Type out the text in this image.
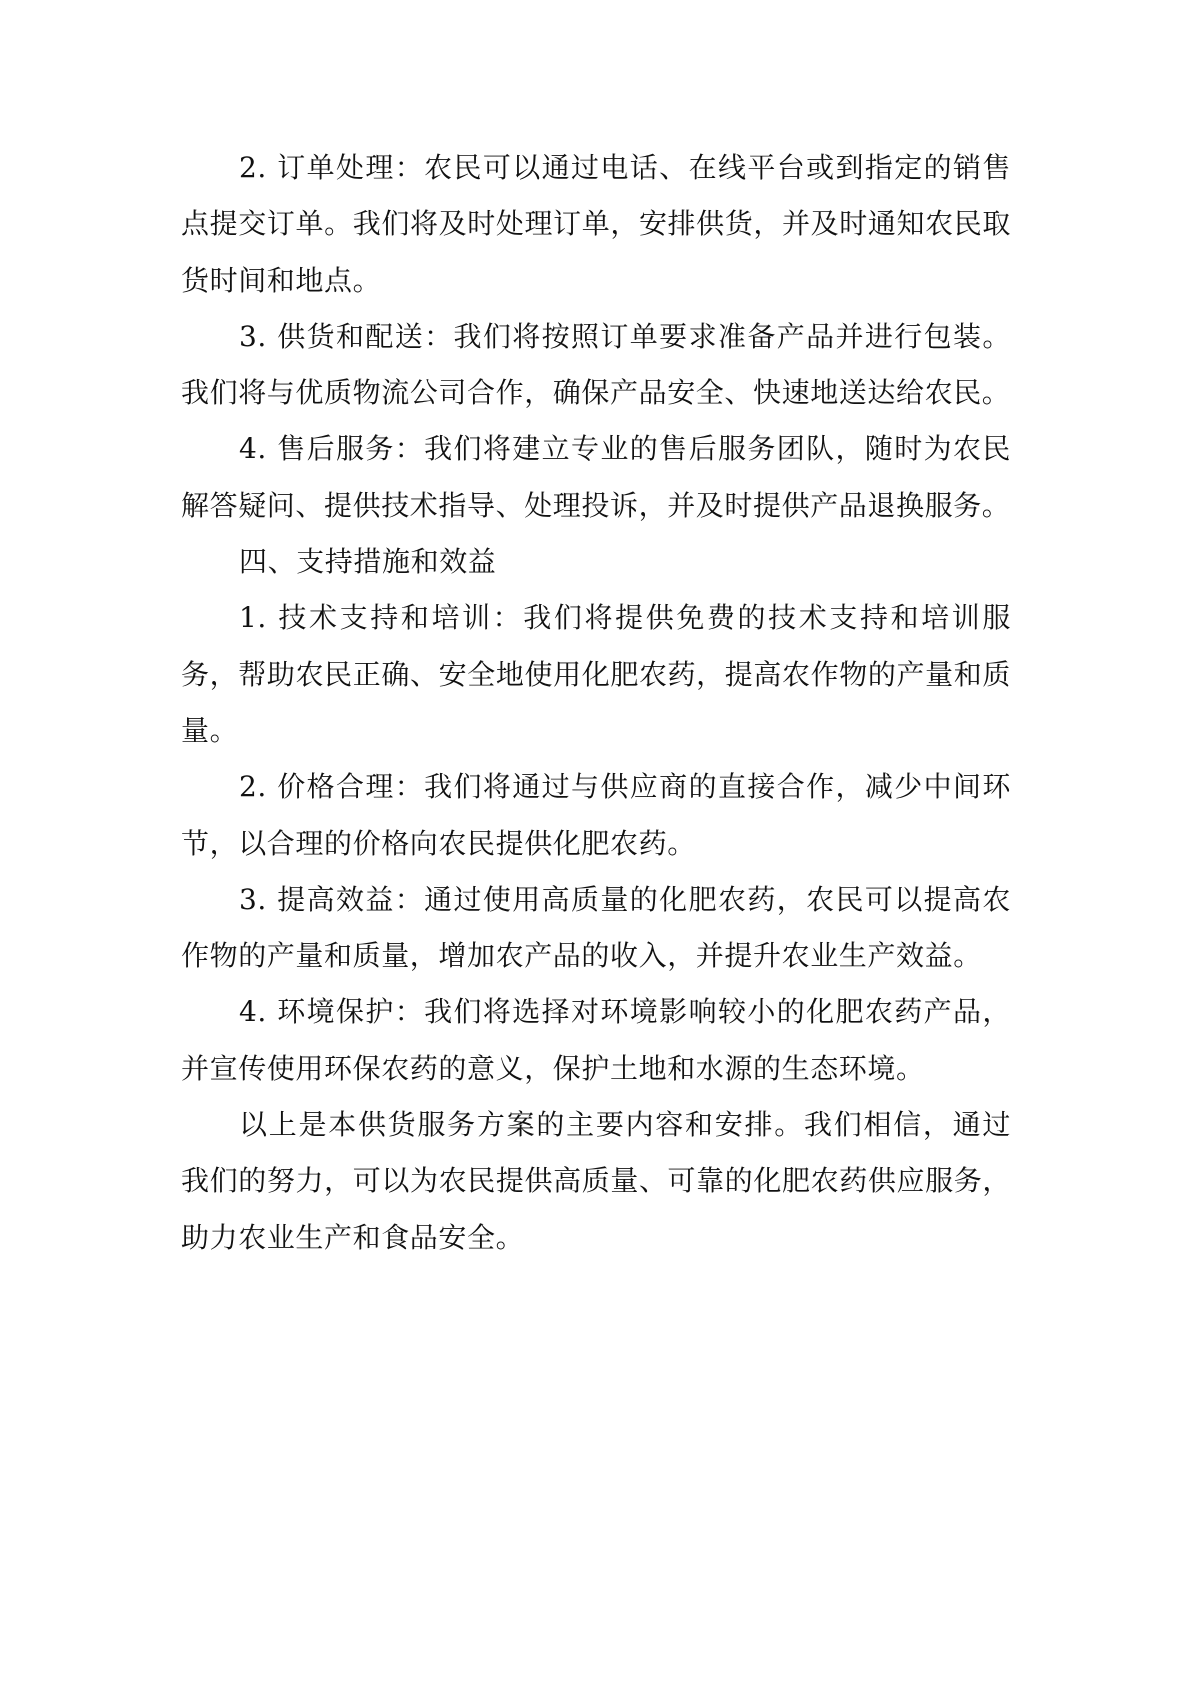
2. 订单处理：农民可以通过电话、在线平台或到指定的销售点提交订单。我们将及时处理订单，安排供货，并及时通知农民取货时间和地点。

3. 供货和配送：我们将按照订单要求准备产品并进行包装。我们将与优质物流公司合作，确保产品安全、快速地送达给农民。

4. 售后服务：我们将建立专业的售后服务团队，随时为农民解答疑问、提供技术指导、处理投诉，并及时提供产品退换服务。

四、支持措施和效益

1. 技术支持和培训：我们将提供免费的技术支持和培训服务，帮助农民正确、安全地使用化肥农药，提高农作物的产量和质量。

2. 价格合理：我们将通过与供应商的直接合作，减少中间环节，以合理的价格向农民提供化肥农药。

3. 提高效益：通过使用高质量的化肥农药，农民可以提高农作物的产量和质量，增加农产品的收入，并提升农业生产效益。

4. 环境保护：我们将选择对环境影响较小的化肥农药产品，并宣传使用环保农药的意义，保护土地和水源的生态环境。

以上是本供货服务方案的主要内容和安排。我们相信，通过我们的努力，可以为农民提供高质量、可靠的化肥农药供应服务，助力农业生产和食品安全。
